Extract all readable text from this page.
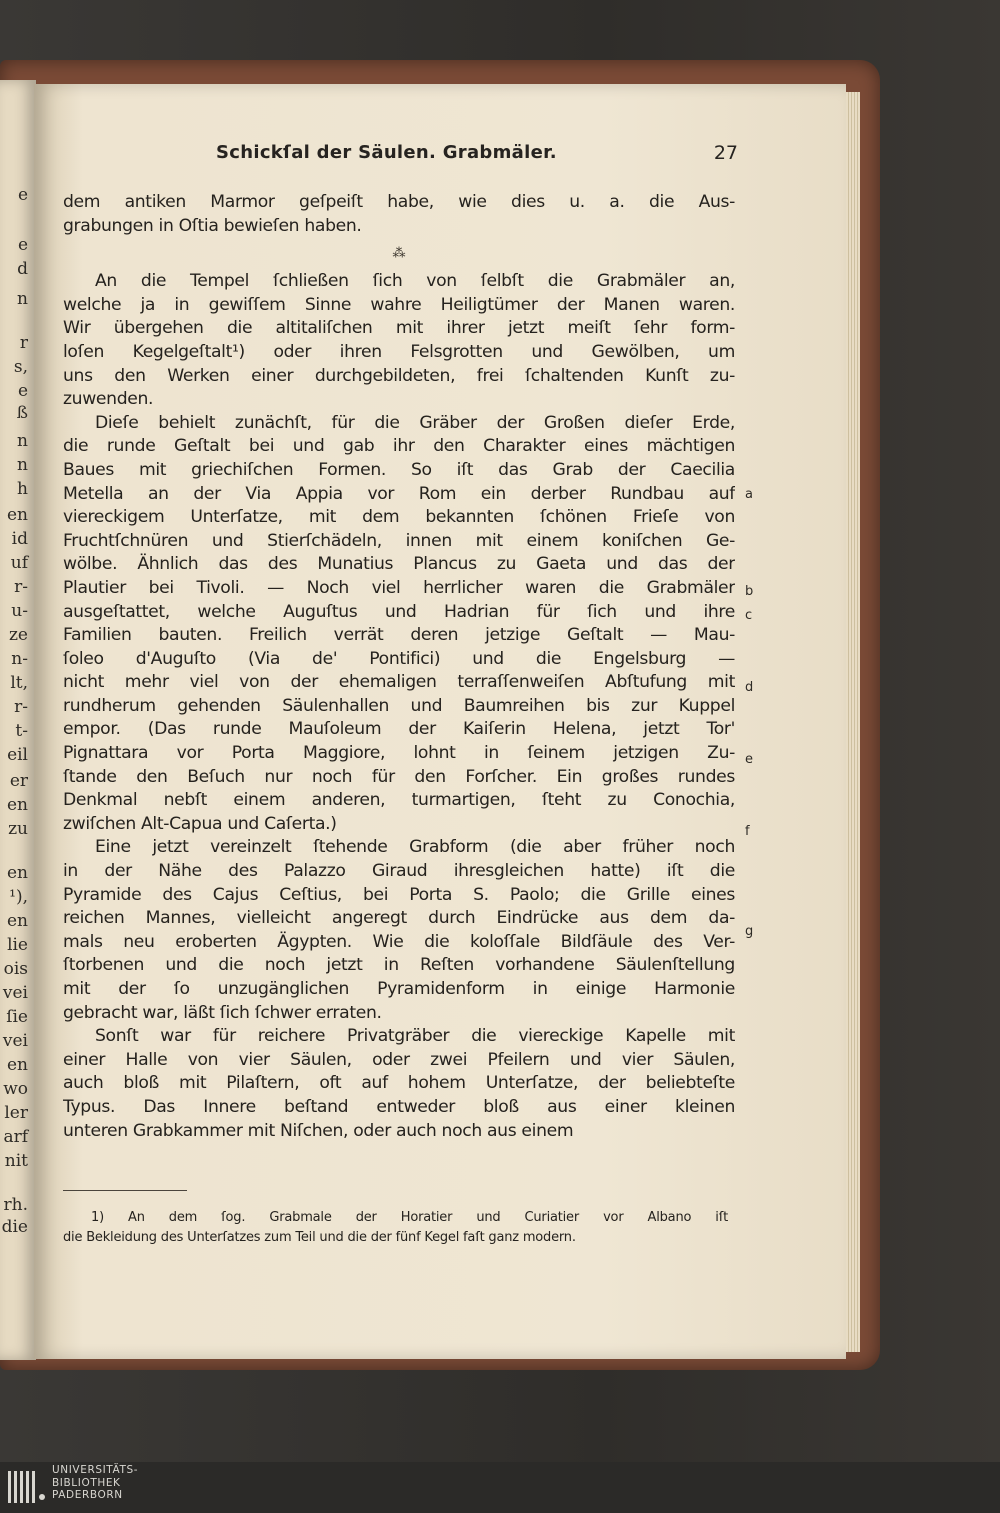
e
e
d
n
r
s,
e
ß
n
n
h
en
id
uf
r-
u-
ze
n-
lt,
r-
t-
eil
er
en
zu
en
¹),
en
lie
ois
vei
ſie
vei
en
wo
ler
arf
nit
rh.
die
Schickſal der Säulen. Grabmäler.	27
dem antiken Marmor geſpeiſt habe, wie dies u. a. die Aus-
grabungen in Oſtia bewieſen haben.
⁂
An die Tempel ſchließen ſich von ſelbſt die Grabmäler an,
welche ja in gewiſſem Sinne wahre Heiligtümer der Manen waren.
Wir übergehen die altitaliſchen mit ihrer jetzt meiſt ſehr form-
loſen Kegelgeſtalt¹) oder ihren Felsgrotten und Gewölben, um
uns den Werken einer durchgebildeten, frei ſchaltenden Kunſt zu-
zuwenden.
Dieſe behielt zunächſt, für die Gräber der Großen dieſer Erde,
die runde Geſtalt bei und gab ihr den Charakter eines mächtigen
Baues mit griechiſchen Formen. So iſt das Grab der Caecilia
Metella an der Via Appia vor Rom ein derber Rundbau auf
viereckigem Unterſatze, mit dem bekannten ſchönen Frieſe von
Fruchtſchnüren und Stierſchädeln, innen mit einem koniſchen Ge-
wölbe. Ähnlich das des Munatius Plancus zu Gaeta und das der
Plautier bei Tivoli. — Noch viel herrlicher waren die Grabmäler
ausgeſtattet, welche Auguſtus und Hadrian für ſich und ihre
Familien bauten. Freilich verrät deren jetzige Geſtalt — Mau-
ſoleo d'Auguſto (Via de' Pontifici) und die Engelsburg —
nicht mehr viel von der ehemaligen terraſſenweiſen Abſtufung mit
rundherum gehenden Säulenhallen und Baumreihen bis zur Kuppel
empor. (Das runde Mauſoleum der Kaiſerin Helena, jetzt Tor'
Pignattara vor Porta Maggiore, lohnt in ſeinem jetzigen Zu-
ſtande den Beſuch nur noch für den Forſcher. Ein großes rundes
Denkmal nebſt einem anderen, turmartigen, ſteht zu Conochia,
zwiſchen Alt-Capua und Caſerta.)
Eine jetzt vereinzelt ſtehende Grabform (die aber früher noch
in der Nähe des Palazzo Giraud ihresgleichen hatte) iſt die
Pyramide des Cajus Ceſtius, bei Porta S. Paolo; die Grille eines
reichen Mannes, vielleicht angeregt durch Eindrücke aus dem da-
mals neu eroberten Ägypten. Wie die koloſſale Bildſäule des Ver-
ſtorbenen und die noch jetzt in Reſten vorhandene Säulenſtellung
mit der ſo unzugänglichen Pyramidenform in einige Harmonie
gebracht war, läßt ſich ſchwer erraten.
Sonſt war für reichere Privatgräber die viereckige Kapelle mit
einer Halle von vier Säulen, oder zwei Pfeilern und vier Säulen,
auch bloß mit Pilaſtern, oft auf hohem Unterſatze, der beliebteſte
Typus. Das Innere beſtand entweder bloß aus einer kleinen
unteren Grabkammer mit Niſchen, oder auch noch aus einem
a
b
c
d
e
f
g
1) An dem ſog. Grabmale der Horatier und Curiatier vor Albano iſt
die Bekleidung des Unterſatzes zum Teil und die der fünf Kegel faſt ganz modern.
UNIVERSITÄTS-
BIBLIOTHEK
PADERBORN
